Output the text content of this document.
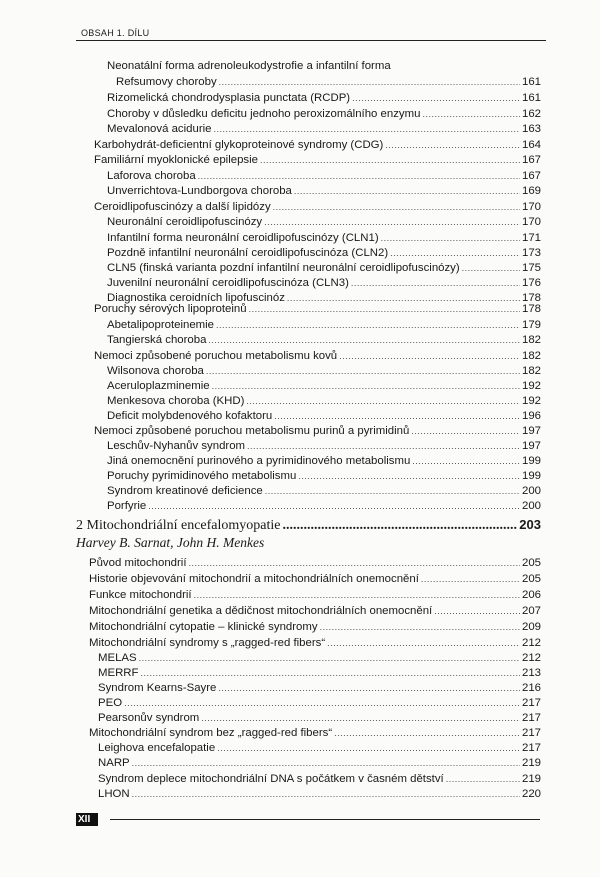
OBSAH 1. DÍLU
Neonatální forma adrenoleukodystrofie a infantilní forma
Refsumovy choroby .....	161
Rizomelická chondrodysplasia punctata (RCDP) .....	161
Choroby v důsledku deficitu jednoho peroxizomálního enzymu .....	162
Mevalonová acidurie .....	163
Karbohydrát-deficientní glykoproteinové syndromy (CDG) .....	164
Familiární myoklonické epilepsie .....	167
Laforova choroba .....	167
Unverrichtova-Lundborgova choroba .....	169
Ceroidlipofuscinózy a další lipidózy .....	170
Neuronální ceroidlipofuscinózy .....	170
Infantilní forma neuronální ceroidlipofuscinózy (CLN1) .....	171
Pozdně infantilní neuronální ceroidlipofuscinóza (CLN2) .....	173
CLN5 (finská varianta pozdní infantilní neuronální ceroidlipofuscinózy) .....	175
Juvenilní neuronální ceroidlipofuscinóza (CLN3) .....	176
Diagnostika ceroidních lipofuscinóz .....	178
Poruchy sérových lipoproteinů .....	178
Abetalipoproteinemie .....	179
Tangierská choroba .....	182
Nemoci způsobené poruchou metabolismu kovů .....	182
Wilsonova choroba .....	182
Aceruloplazminemie .....	192
Menkesova choroba (KHD) .....	192
Deficit molybdenového kofaktoru .....	196
Nemoci způsobené poruchou metabolismu purinů a pyrimidinů .....	197
Leschův-Nyhanův syndrom .....	197
Jiná onemocnění purinového a pyrimidinového metabolismu .....	199
Poruchy pyrimidinového metabolismu .....	199
Syndrom kreatinové deficience .....	200
Porfyrie .....	200
2 Mitochondriální encefalomyopatie .....	203
Harvey B. Sarnat, John H. Menkes
Původ mitochondrií .....	205
Historie objevování mitochondrií a mitochondriálních onemocnění .....	205
Funkce mitochondrií .....	206
Mitochondriální genetika a dědičnost mitochondriálních onemocnění .....	207
Mitochondriální cytopatie – klinické syndromy .....	209
Mitochondriální syndromy s „ragged-red fibers“ .....	212
MELAS .....	212
MERRF .....	213
Syndrom Kearns-Sayre .....	216
PEO .....	217
Pearsonův syndrom .....	217
Mitochondriální syndrom bez „ragged-red fibers“ .....	217
Leighova encefalopatie .....	217
NARP .....	219
Syndrom deplece mitochondriální DNA s počátkem v časném dětství .....	219
LHON .....	220
XII
